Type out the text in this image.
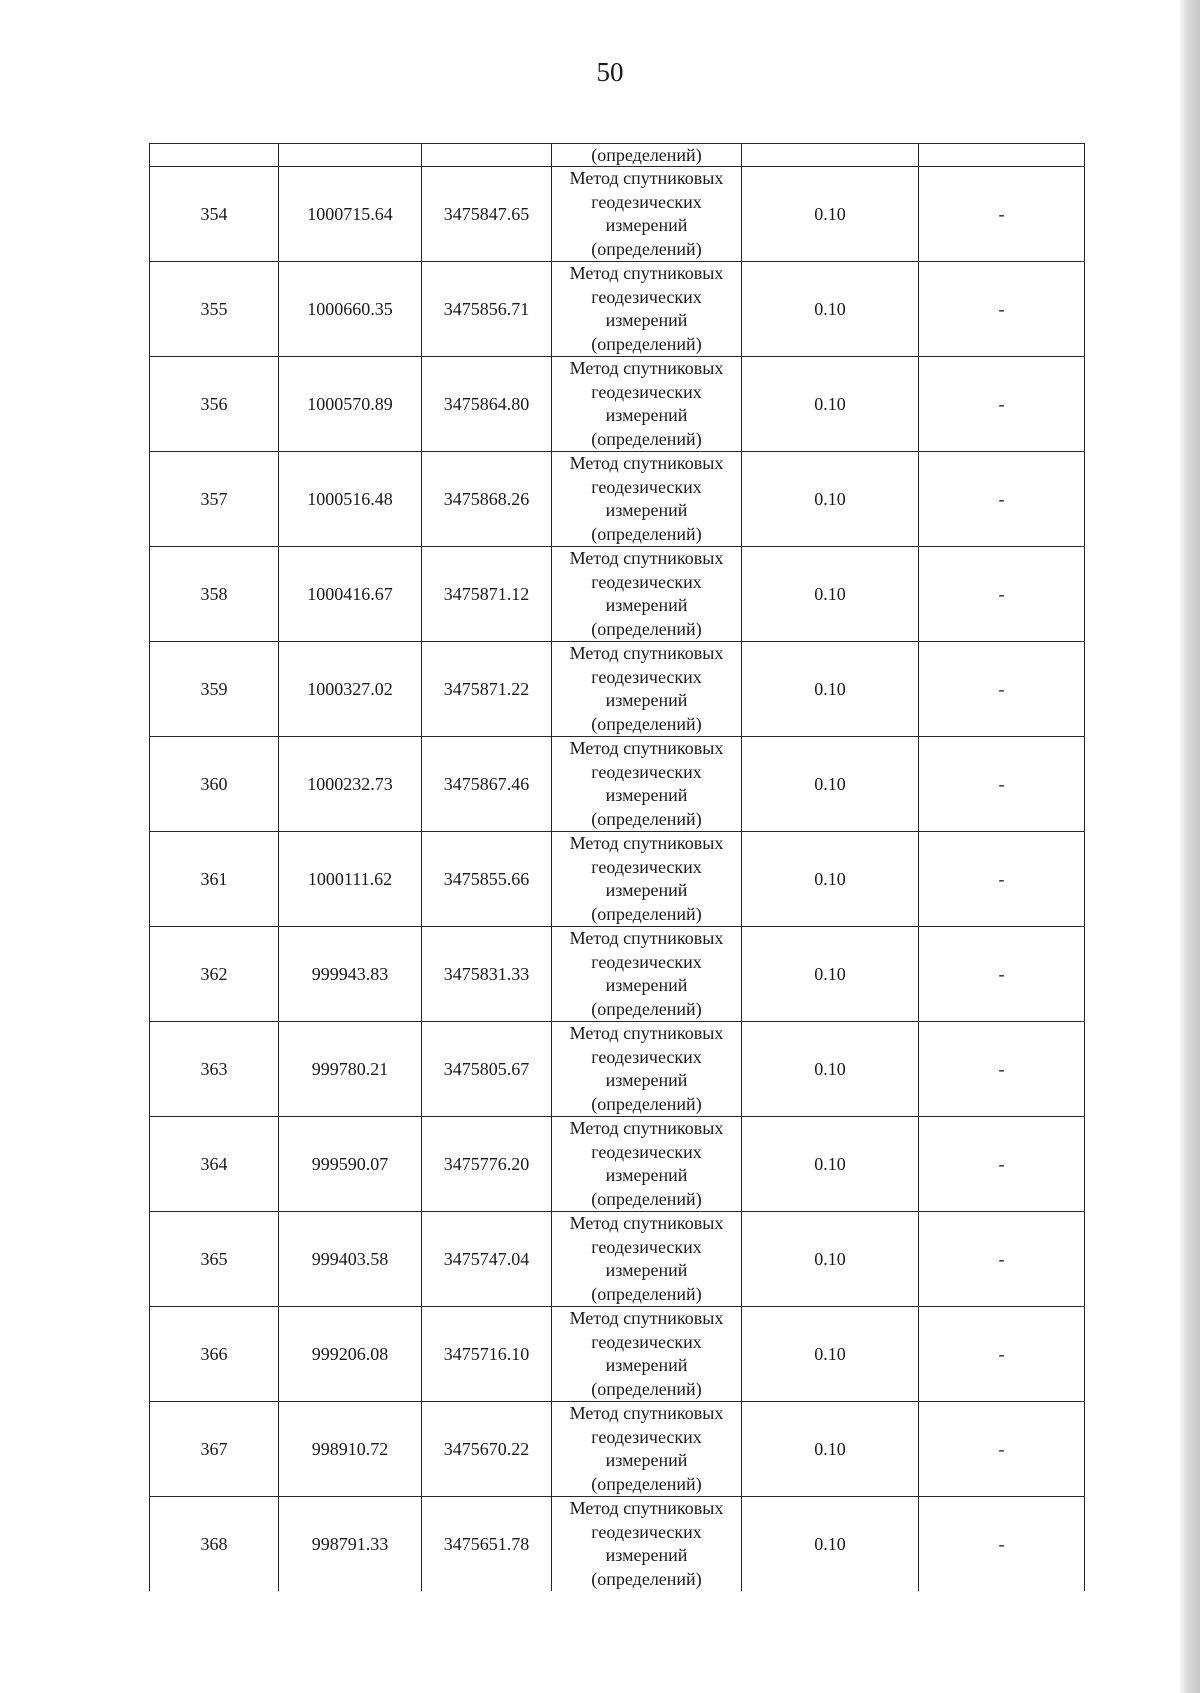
50
			(определений)		
354	1000715.64	3475847.65	Метод спутниковых
геодезических
измерений
(определений)	0.10	-
355	1000660.35	3475856.71	Метод спутниковых
геодезических
измерений
(определений)	0.10	-
356	1000570.89	3475864.80	Метод спутниковых
геодезических
измерений
(определений)	0.10	-
357	1000516.48	3475868.26	Метод спутниковых
геодезических
измерений
(определений)	0.10	-
358	1000416.67	3475871.12	Метод спутниковых
геодезических
измерений
(определений)	0.10	-
359	1000327.02	3475871.22	Метод спутниковых
геодезических
измерений
(определений)	0.10	-
360	1000232.73	3475867.46	Метод спутниковых
геодезических
измерений
(определений)	0.10	-
361	1000111.62	3475855.66	Метод спутниковых
геодезических
измерений
(определений)	0.10	-
362	999943.83	3475831.33	Метод спутниковых
геодезических
измерений
(определений)	0.10	-
363	999780.21	3475805.67	Метод спутниковых
геодезических
измерений
(определений)	0.10	-
364	999590.07	3475776.20	Метод спутниковых
геодезических
измерений
(определений)	0.10	-
365	999403.58	3475747.04	Метод спутниковых
геодезических
измерений
(определений)	0.10	-
366	999206.08	3475716.10	Метод спутниковых
геодезических
измерений
(определений)	0.10	-
367	998910.72	3475670.22	Метод спутниковых
геодезических
измерений
(определений)	0.10	-
368	998791.33	3475651.78	Метод спутниковых
геодезических
измерений
(определений)	0.10	-
